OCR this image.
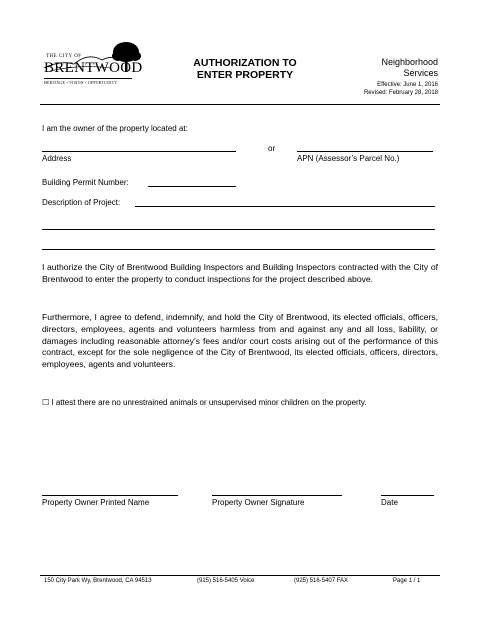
THE CITY OF
BRENTWOOD
HERITAGE • VISION • OPPORTUNITY
AUTHORIZATION TO
ENTER PROPERTY
Neighborhood
Services
Effective: June 1, 2016
Revised: February 28, 2018
I am the owner of the property located at:
or
Address	APN (Assessor’s Parcel No.)
Building Permit Number:
Description of Project:
I authorize the City of Brentwood Building Inspectors and Building Inspectors contracted with the City of Brentwood to enter the property to conduct inspections for the project described above.
Furthermore, I agree to defend, indemnify, and hold the City of Brentwood, its elected officials, officers, directors, employees, agents and volunteers harmless from and against any and all loss, liability, or damages including reasonable attorney’s fees and/or court costs arising out of the performance of this contract, except for the sole negligence of the City of Brentwood, its elected officials, officers, directors, employees, agents and volunteers.
☐ I attest there are no unrestrained animals or unsupervised minor children on the property.
Property Owner Printed Name	Property Owner Signature	Date
150 City Park Wy, Brentwood, CA 94513	(925) 516-5405 Voice	(925) 516-5407 FAX	Page 1 / 1
